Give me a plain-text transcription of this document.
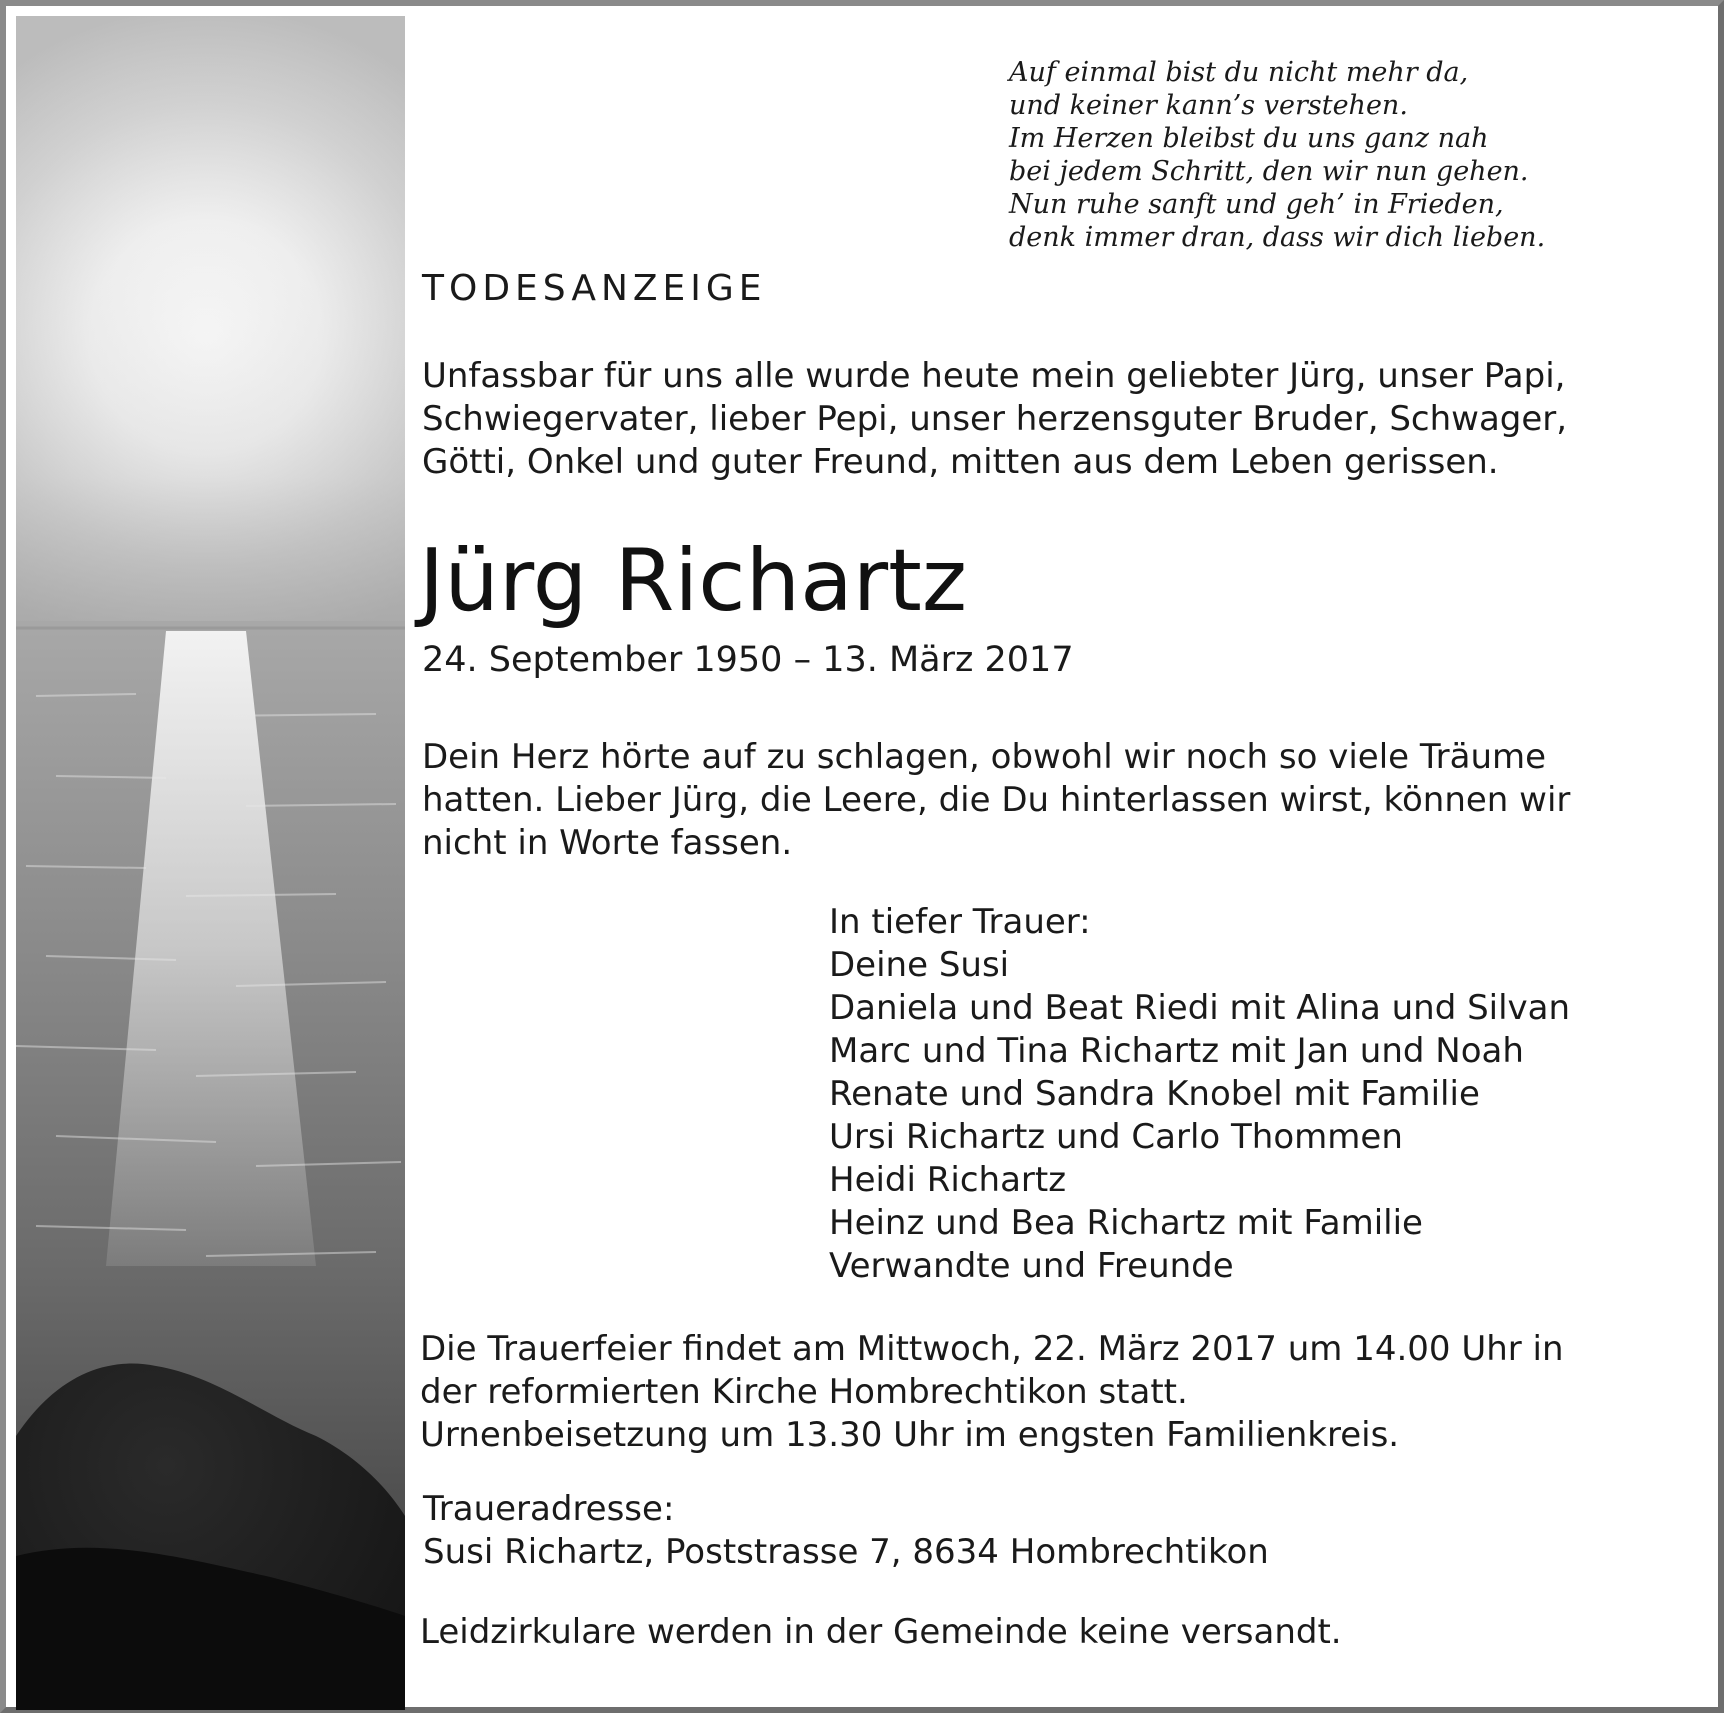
Auf einmal bist du nicht mehr da,
und keiner kann’s verstehen.
Im Herzen bleibst du uns ganz nah
bei jedem Schritt, den wir nun gehen.
Nun ruhe sanft und geh’ in Frieden,
denk immer dran, dass wir dich lieben.
TODESANZEIGE
Unfassbar für uns alle wurde heute mein geliebter Jürg, unser Papi,
Schwiegervater, lieber Pepi, unser herzensguter Bruder, Schwager,
Götti, Onkel und guter Freund, mitten aus dem Leben gerissen.
Jürg Richartz
24. September 1950 – 13. März 2017
Dein Herz hörte auf zu schlagen, obwohl wir noch so viele Träume
hatten. Lieber Jürg, die Leere, die Du hinterlassen wirst, können wir
nicht in Worte fassen.
In tiefer Trauer:
Deine Susi
Daniela und Beat Riedi mit Alina und Silvan
Marc und Tina Richartz mit Jan und Noah
Renate und Sandra Knobel mit Familie
Ursi Richartz und Carlo Thommen
Heidi Richartz
Heinz und Bea Richartz mit Familie
Verwandte und Freunde
Die Trauerfeier findet am Mittwoch, 22. März 2017 um 14.00 Uhr in
der reformierten Kirche Hombrechtikon statt.
Urnenbeisetzung um 13.30 Uhr im engsten Familienkreis.
Traueradresse:
Susi Richartz, Poststrasse 7, 8634 Hombrechtikon
Leidzirkulare werden in der Gemeinde keine versandt.
